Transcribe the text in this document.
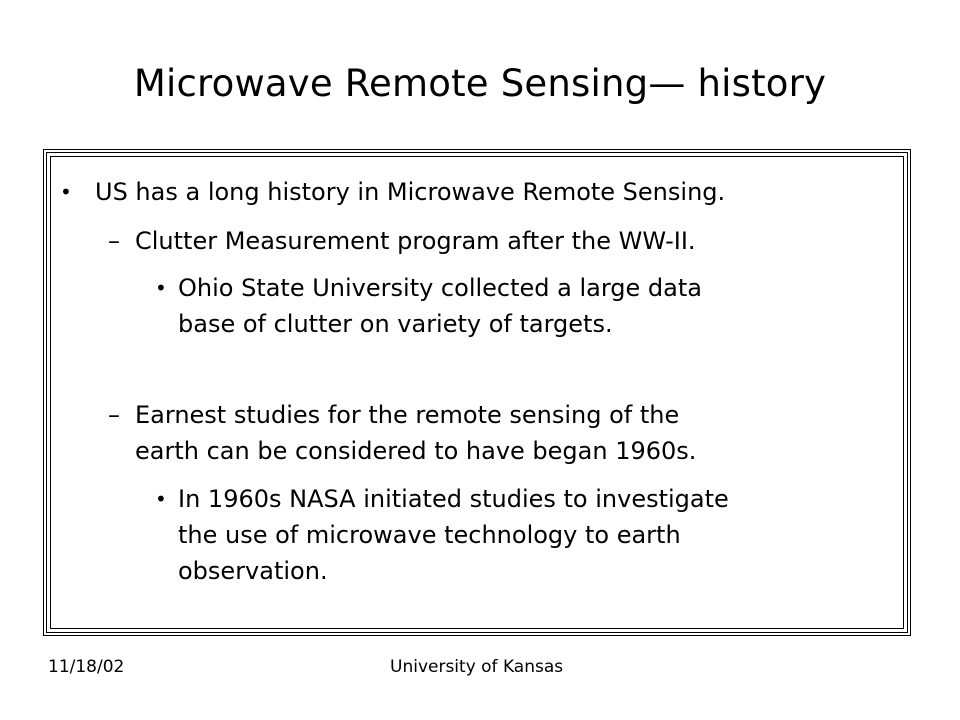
Microwave Remote Sensing— history
• US has a long history in Microwave Remote Sensing.
– Clutter Measurement program after the WW-II.
• Ohio State University collected a large data
base of clutter on variety of targets.
– Earnest studies for the remote sensing of the
earth can be considered to have began 1960s.
• In 1960s NASA initiated studies to investigate
the use of microwave technology to earth
observation.
11/18/02	University of Kansas
